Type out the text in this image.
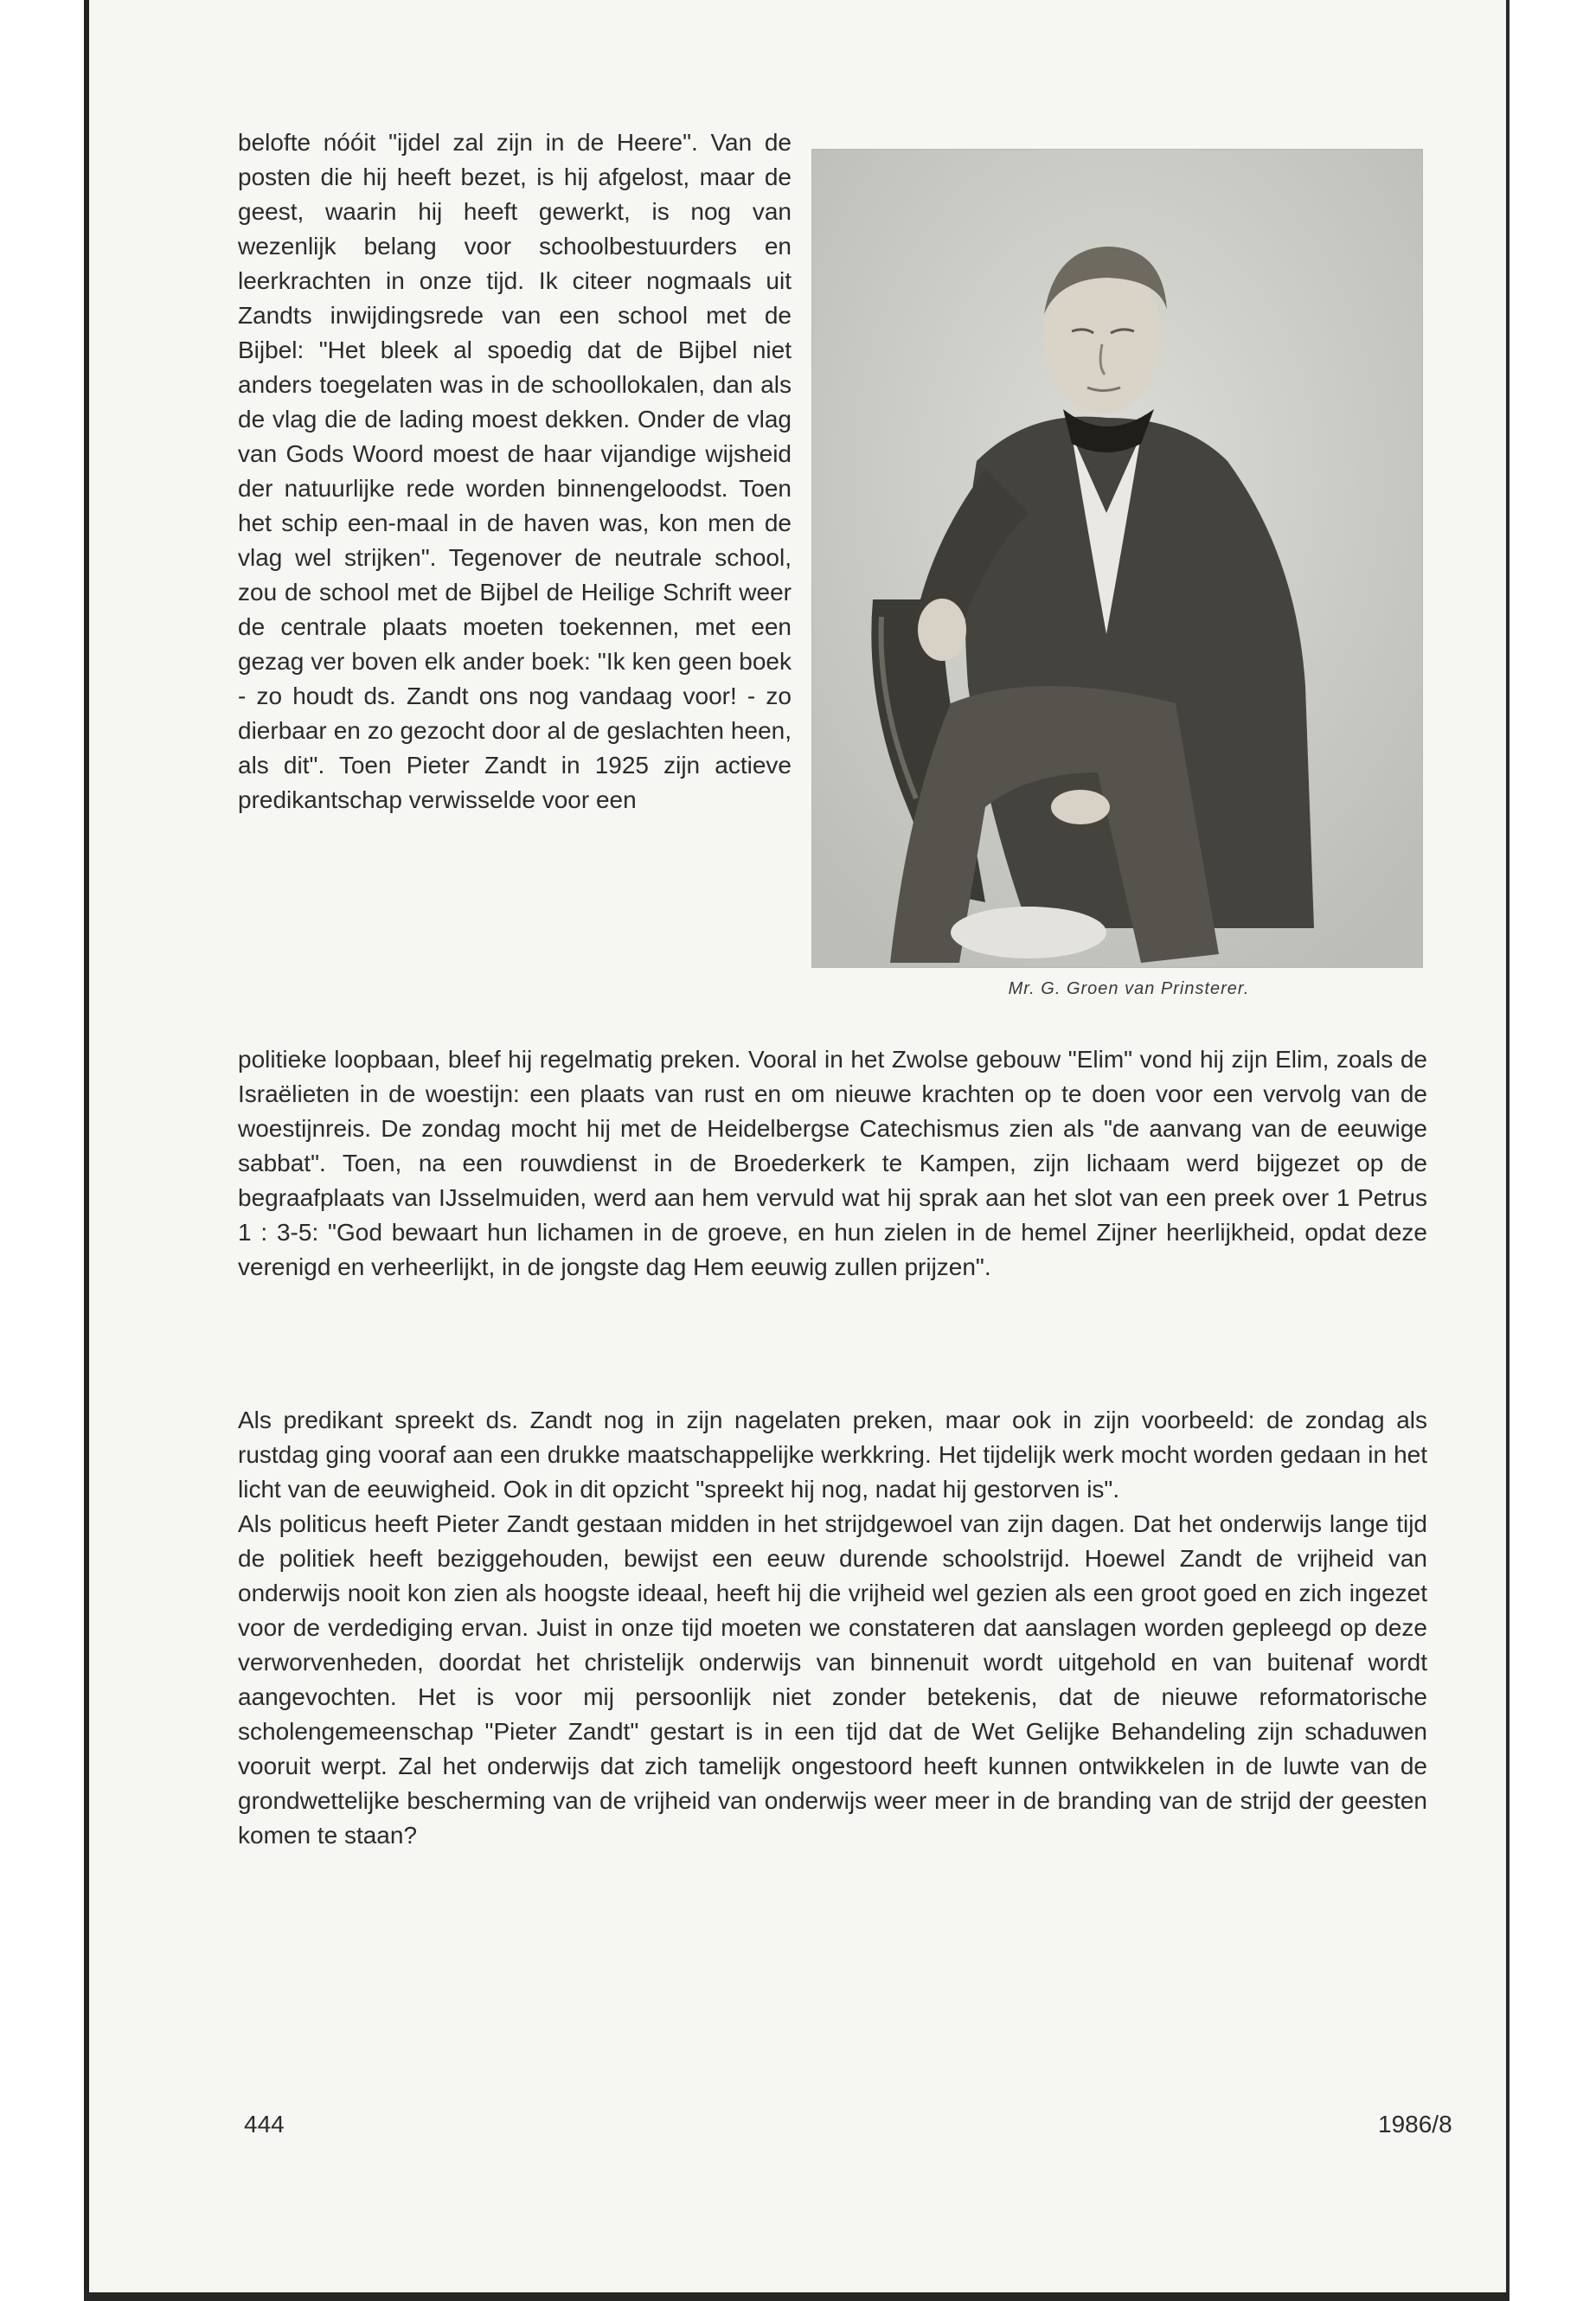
belofte nóóit "ijdel zal zijn in de Heere". Van de posten die hij heeft bezet, is hij afgelost, maar de geest, waarin hij heeft gewerkt, is nog van wezenlijk belang voor schoolbestuurders en leerkrachten in onze tijd. Ik citeer nogmaals uit Zandts inwijdingsrede van een school met de Bijbel: "Het bleek al spoedig dat de Bijbel niet anders toegelaten was in de schoollokalen, dan als de vlag die de lading moest dekken. Onder de vlag van Gods Woord moest de haar vijandige wijsheid der natuurlijke rede worden binnengeloodst. Toen het schip een-maal in de haven was, kon men de vlag wel strijken". Tegenover de neutrale school, zou de school met de Bijbel de Heilige Schrift weer de centrale plaats moeten toekennen, met een gezag ver boven elk ander boek: "Ik ken geen boek - zo houdt ds. Zandt ons nog vandaag voor! - zo dierbaar en zo gezocht door al de geslachten heen, als dit". Toen Pieter Zandt in 1925 zijn actieve predikantschap verwisselde voor een

Mr. G. Groen van Prinsterer.

politieke loopbaan, bleef hij regelmatig preken. Vooral in het Zwolse gebouw "Elim" vond hij zijn Elim, zoals de Israëlieten in de woestijn: een plaats van rust en om nieuwe krachten op te doen voor een vervolg van de woestijnreis. De zondag mocht hij met de Heidelbergse Catechismus zien als "de aanvang van de eeuwige sabbat". Toen, na een rouwdienst in de Broederkerk te Kampen, zijn lichaam werd bijgezet op de begraafplaats van IJsselmuiden, werd aan hem vervuld wat hij sprak aan het slot van een preek over 1 Petrus 1 : 3-5: "God bewaart hun lichamen in de groeve, en hun zielen in de hemel Zijner heerlijkheid, opdat deze verenigd en verheerlijkt, in de jongste dag Hem eeuwig zullen prijzen".

Als predikant spreekt ds. Zandt nog in zijn nagelaten preken, maar ook in zijn voorbeeld: de zondag als rustdag ging vooraf aan een drukke maatschappelijke werkkring. Het tijdelijk werk mocht worden gedaan in het licht van de eeuwigheid. Ook in dit opzicht "spreekt hij nog, nadat hij gestorven is".

Als politicus heeft Pieter Zandt gestaan midden in het strijdgewoel van zijn dagen. Dat het onderwijs lange tijd de politiek heeft beziggehouden, bewijst een eeuw durende schoolstrijd. Hoewel Zandt de vrijheid van onderwijs nooit kon zien als hoogste ideaal, heeft hij die vrijheid wel gezien als een groot goed en zich ingezet voor de verdediging ervan. Juist in onze tijd moeten we constateren dat aanslagen worden gepleegd op deze verworvenheden, doordat het christelijk onderwijs van binnenuit wordt uitgehold en van buitenaf wordt aangevochten. Het is voor mij persoonlijk niet zonder betekenis, dat de nieuwe reformatorische scholengemeenschap "Pieter Zandt" gestart is in een tijd dat de Wet Gelijke Behandeling zijn schaduwen vooruit werpt. Zal het onderwijs dat zich tamelijk ongestoord heeft kunnen ontwikkelen in de luwte van de grondwettelijke bescherming van de vrijheid van onderwijs weer meer in de branding van de strijd der geesten komen te staan?

444	1986/8
